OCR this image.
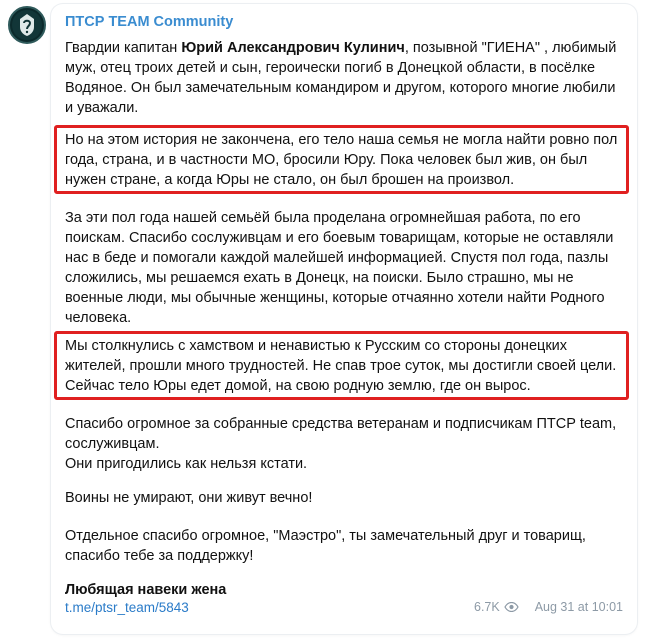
ПТСР TEAM Community

Гвардии капитан Юрий Александрович Кулинич, позывной "ГИЕНА" , любимый муж, отец троих детей и сын, героически погиб в Донецкой области, в посёлке Водяное. Он был замечательным командиром и другом, которого многие любили и уважали.

Но на этом история не закончена, его тело наша семья не могла найти ровно пол года, страна, и в частности МО, бросили Юру. Пока человек был жив, он был нужен стране, а когда Юры не стало, он был брошен на произвол.

За эти пол года нашей семьёй была проделана огромнейшая работа, по его поискам. Спасибо сослуживцам и его боевым товарищам, которые не оставляли нас в беде и помогали каждой малейшей информацией. Спустя пол года, пазлы сложились, мы решаемся ехать в Донецк, на поиски. Было страшно, мы не военные люди, мы обычные женщины, которые отчаянно хотели найти Родного человека.

Мы столкнулись с хамством и ненавистью к Русским со стороны донецких жителей, прошли много трудностей. Не спав трое суток, мы достигли своей цели. Сейчас тело Юры едет домой, на свою родную землю, где он вырос.

Спасибо огромное за собранные средства ветеранам и подписчикам ПТСР team, сослуживцам.
Они пригодились как нельзя кстати.

Воины не умирают, они живут вечно!

Отдельное спасибо огромное, "Маэстро", ты замечательный друг и товарищ, спасибо тебе за поддержку!

Любящая навеки жена
t.me/ptsr_team/5843	6.7K	Aug 31 at 10:01
